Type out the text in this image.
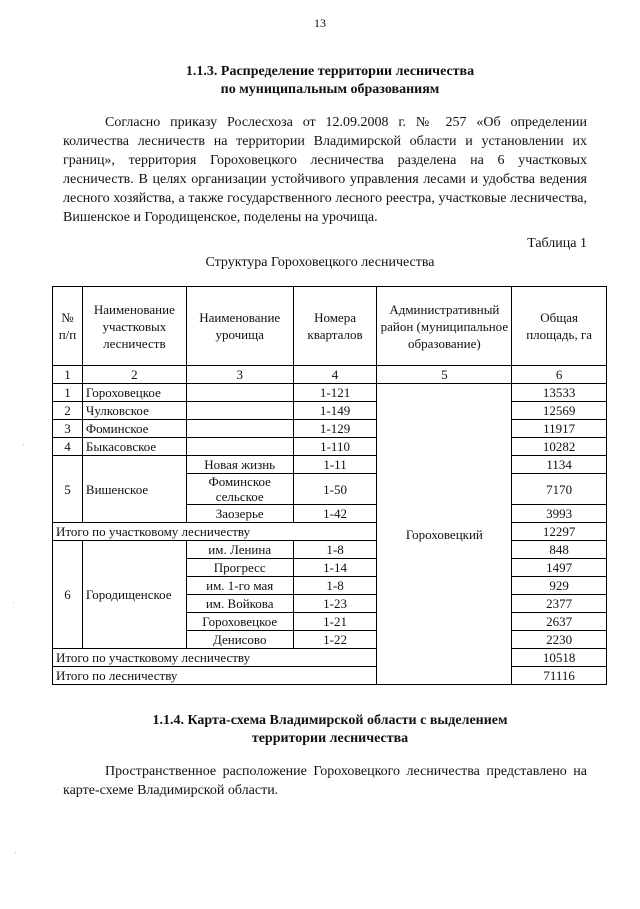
13
1.1.3. Распределение территории лесничества
по муниципальным образованиям

Согласно приказу Рослесхоза от 12.09.2008 г. № 257 «Об определении количества лесничеств на территории Владимирской области и установлении их границ», территория Гороховецкого лесничества разделена на 6 участковых лесничеств. В целях организации устойчивого управления лесами и удобства ведения лесного хозяйства, а также государственного лесного реестра, участковые лесничества, Вишенское и Городищенское, поделены на урочища.

Таблица 1
Структура Гороховецкого лесничества
№ п/п	Наименование участковых лесничеств	Наименование урочища	Номера кварталов	Административный район (муниципальное образование)	Общая площадь, га
1	2	3	4	5	6
1	Гороховецкое		1-121	Гороховецкий	13533
2	Чулковское		1-149		12569
3	Фоминское		1-129		11917
4	Быкасовское		1-110		10282
5	Вишенское	Новая жизнь	1-11		1134
		Фоминское сельское	1-50		7170
		Заозерье	1-42		3993
Итого по участковому лесничеству					12297
6	Городищенское	им. Ленина	1-8		848
		Прогресс	1-14		1497
		им. 1-го мая	1-8		929
		им. Войкова	1-23		2377
		Гороховецкое	1-21		2637
		Денисово	1-22		2230
Итого по участковому лесничеству					10518
Итого по лесничеству					71116
1.1.4. Карта-схема Владимирской области с выделением
территории лесничества

Пространственное расположение Гороховецкого лесничества представлено на карте-схеме Владимирской области.

·
·
·
